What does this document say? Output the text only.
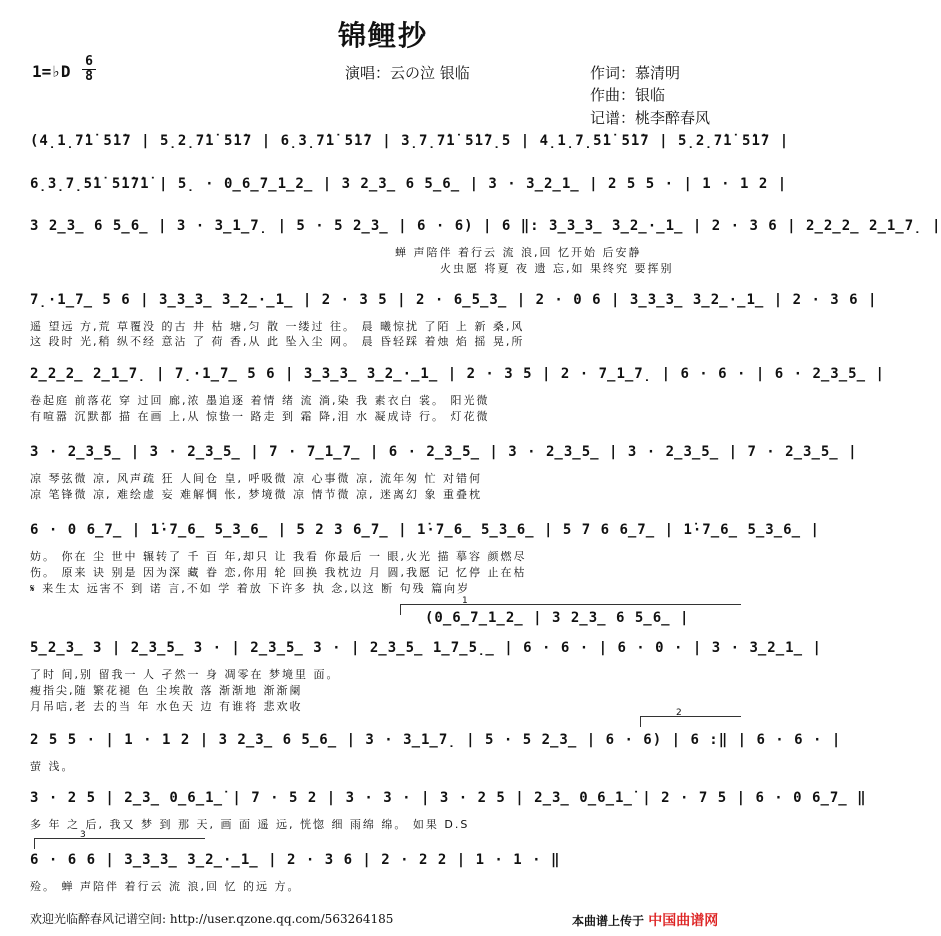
锦鲤抄
1=♭D
6
8	演唱：云の泣 银临	作词：慕清明
作曲：银临
记谱：桃李醉春风
(4̣1̣7̇1̇ 5̇1̇7 | 5̣2̣7̇1̇ 5̇1̇7 | 6̣3̣7̇1̇ 5̇1̇7 | 3̣7̣7̇1̇ 5̇1̇7̣5 | 4̣1̣7̣5̇1̇ 5̇1̇7 | 5̣2̣7̇1̇ 5̇1̇7 |
6̣3̣7̣5̇1̇ 5̇1̇7̇1̇ | 5̣ · 0̲6̲7̲1̲2̲ | 3 2̲3̲ 6 5̲6̲ | 3 · 3̲2̲1̲ | 2 5 5 · | 1 · 1 2 |
3 2̲3̲ 6 5̲6̲ | 3 · 3̲1̲7̣ | 5 · 5 2̲3̲ | 6 · 6) | 6 ‖: 3̲3̲3̲ 3̲2̲·̲1̲ | 2 · 3 6 | 2̲2̲2̲ 2̲1̲7̣ |
蝉 声陪伴 着行云 流 浪,回 忆开始 后安静
火虫愿 将夏 夜 遗 忘,如 果终究 要挥别
7̣·1̲7̲ 5 6 | 3̲3̲3̲ 3̲2̲·̲1̲ | 2 · 3 5 | 2 · 6̲5̲3̲ | 2 · 0 6 | 3̲3̲3̲ 3̲2̲·̲1̲ | 2 · 3 6 |
遥 望远 方,荒 草覆没 的古 井 枯 塘,匀 散 一缕过 往。 晨 曦惊扰 了陌 上 新 桑,风
这 段时 光,稍 纵不经 意沾 了 荷 香,从 此 坠入尘 网。 晨 昏轻踩 着烛 焰 摇 晃,所
2̲2̲2̲ 2̲1̲7̣ | 7̣·1̲7̲ 5 6 | 3̲3̲3̲ 3̲2̲·̲1̲ | 2 · 3 5 | 2 · 7̲1̲7̣ | 6 · 6 · | 6 · 2̲3̲5̲ |
卷起庭 前落花 穿 过回 廊,浓 墨追逐 着情 绪 流 淌,染 我 素衣白 裳。 阳光微
有喧嚣 沉默都 描 在画 上,从 惊蛰一 路走 到 霜 降,泪 水 凝成诗 行。 灯花微
3 · 2̲3̲5̲ | 3 · 2̲3̲5̲ | 7 · 7̲1̲7̲ | 6 · 2̲3̲5̲ | 3 · 2̲3̲5̲ | 3 · 2̲3̲5̲ | 7 · 2̲3̲5̲ |
凉 琴弦微 凉, 风声疏 狂 人间仓 皇, 呼吸微 凉 心事微 凉, 流年匆 忙 对错何
凉 笔锋微 凉, 难绘虚 妄 难解惆 怅, 梦境微 凉 情节微 凉, 迷离幻 象 重叠枕
6 · 0 6̲7̲ | 1̇·7̲6̲ 5̲3̲6̲ | 5 2 3 6̲7̲ | 1̇·7̲6̲ 5̲3̲6̲ | 5 7 6 6̲7̲ | 1̇·7̲6̲ 5̲3̲6̲ |
妨。 你在 尘 世中 辗转了 千 百 年,却只 让 我看 你最后 一 眼,火光 描 摹容 颜燃尽
伤。 原来 诀 别是 因为深 藏 眷 恋,你用 轮 回换 我枕边 月 圆,我愿 记 忆停 止在枯
𝄋 来生太 远害不 到 诺 言,不如 学 着放 下许多 执 念,以这 断 句残 篇向岁
1
(0̲6̲7̲1̲2̲ | 3 2̲3̲ 6 5̲6̲ |
5̲2̲3̲ 3 | 2̲3̲5̲ 3 · | 2̲3̲5̲ 3 · | 2̲3̲5̲ 1̲7̲5̣̲ | 6 · 6 · | 6 · 0 · | 3 · 3̲2̲1̲ |
了时 间,别 留我一 人 孑然一 身 凋零在 梦境里 面。
瘦指尖,随 繁花褪 色 尘埃散 落 渐渐地 渐渐阑
月吊唁,老 去的当 年 水色天 边 有谁将 悲欢收	2
2 5 5 · | 1 · 1 2 | 3 2̲3̲ 6 5̲6̲ | 3 · 3̲1̲7̣ | 5 · 5 2̲3̲ | 6 · 6) | 6 :‖ | 6 · 6 · |
萤 浅。
3 · 2 5 | 2̲3̲ 0̲6̲1̲̇ | 7 · 5 2 | 3 · 3 · | 3 · 2 5 | 2̲3̲ 0̲6̲1̲̇ | 2 · 7 5 | 6 · 0 6̲7̲ ‖
多 年 之 后, 我又 梦 到 那 天, 画 面 遥 远, 恍惚 细 雨绵 绵。 如果 D.S
3
6 · 6 6 | 3̲3̲3̲ 3̲2̲·̲1̲ | 2 · 3 6 | 2 · 2 2 | 1 · 1 · ‖
殓。 蝉 声陪伴 着行云 流 浪,回 忆 的远 方。
欢迎光临醉春风记谱空间: http://user.qzone.qq.com/563264185	本曲谱上传于 中国曲谱网
